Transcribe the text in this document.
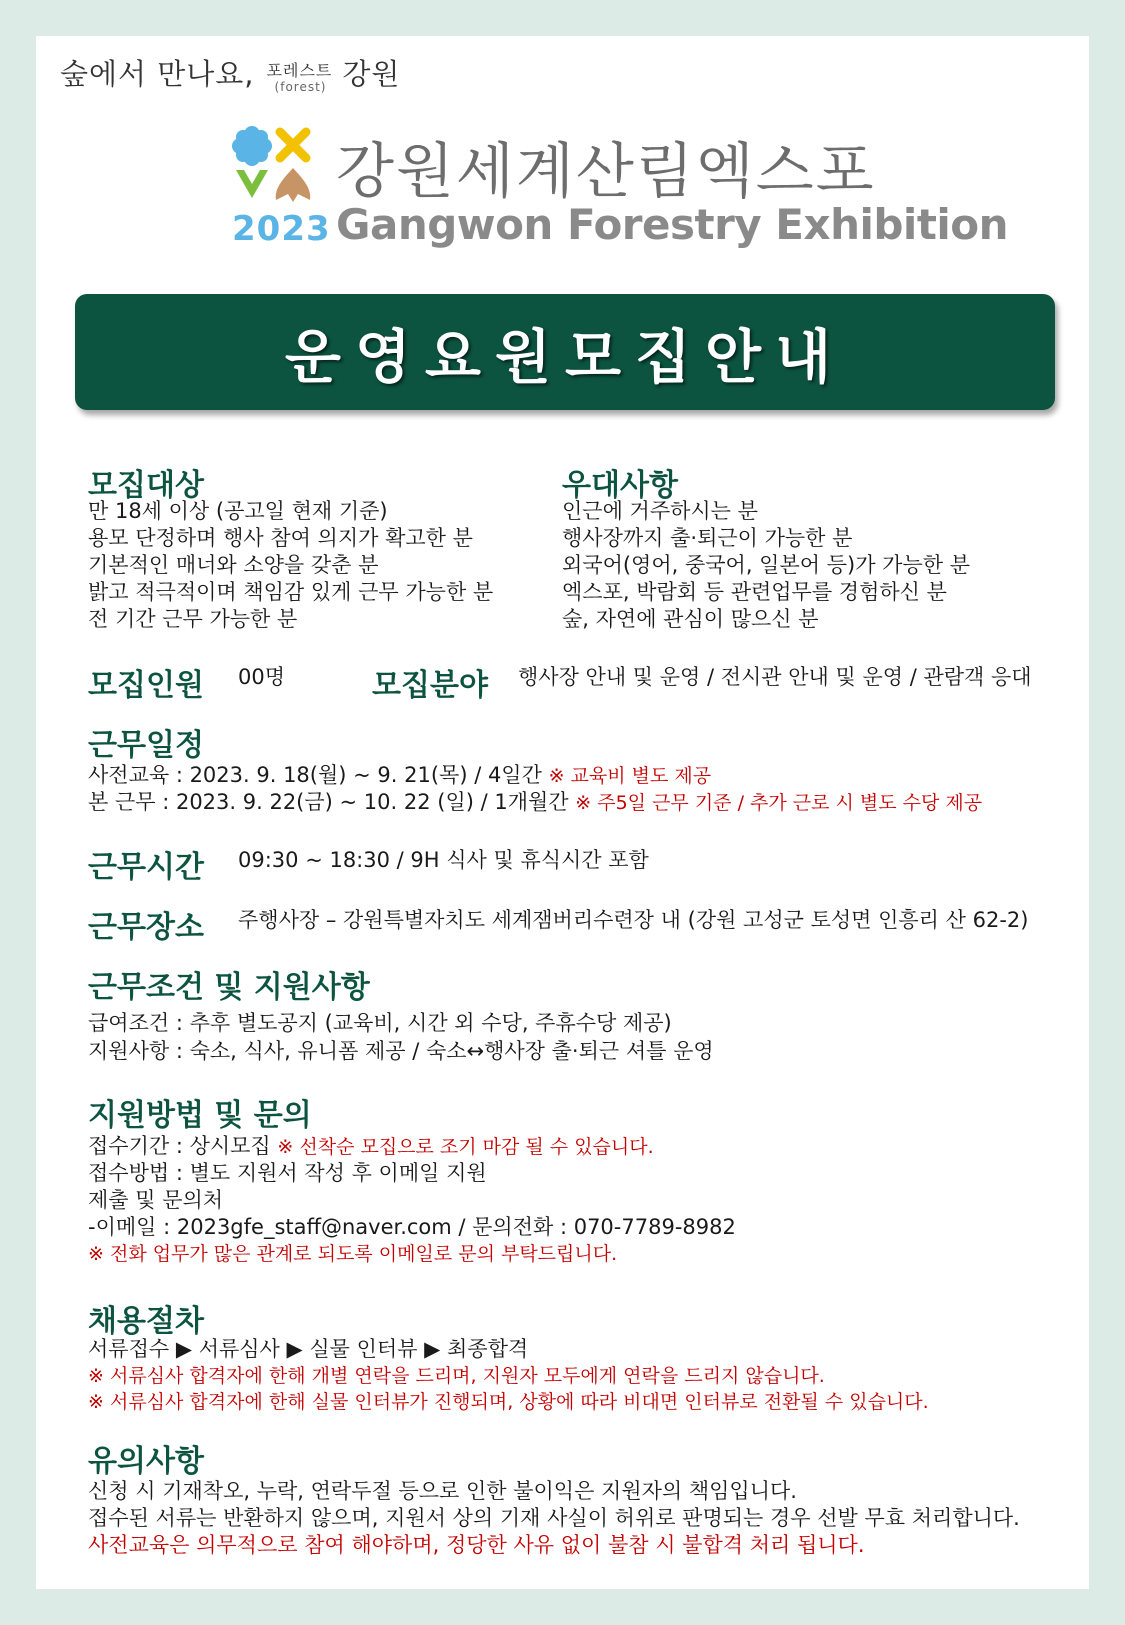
숲에서 만나요, 포레스트
(forest) 강원
2023
강원세계산림엑스포
Gangwon Forestry Exhibition
운영요원모집안내
모집대상
만 18세 이상 (공고일 현재 기준)
용모 단정하며 행사 참여 의지가 확고한 분
기본적인 매너와 소양을 갖춘 분
밝고 적극적이며 책임감 있게 근무 가능한 분
전 기간 근무 가능한 분
우대사항
인근에 거주하시는 분
행사장까지 출·퇴근이 가능한 분
외국어(영어, 중국어, 일본어 등)가 가능한 분
엑스포, 박람회 등 관련업무를 경험하신 분
숲, 자연에 관심이 많으신 분
모집인원 00명	모집분야 행사장 안내 및 운영 / 전시관 안내 및 운영 / 관람객 응대
근무일정
사전교육 : 2023. 9. 18(월) ~ 9. 21(목) / 4일간 ※ 교육비 별도 제공
본 근무 : 2023. 9. 22(금) ~ 10. 22 (일) / 1개월간 ※ 주5일 근무 기준 / 추가 근로 시 별도 수당 제공
근무시간 09:30 ~ 18:30 / 9H 식사 및 휴식시간 포함
근무장소 주행사장 – 강원특별자치도 세계잼버리수련장 내 (강원 고성군 토성면 인흥리 산 62-2)
근무조건 및 지원사항
급여조건 : 추후 별도공지 (교육비, 시간 외 수당, 주휴수당 제공)
지원사항 : 숙소, 식사, 유니폼 제공 / 숙소↔행사장 출·퇴근 셔틀 운영
지원방법 및 문의
접수기간 : 상시모집 ※ 선착순 모집으로 조기 마감 될 수 있습니다.
접수방법 : 별도 지원서 작성 후 이메일 지원
제출 및 문의처
-이메일 : 2023gfe_staff@naver.com / 문의전화 : 070-7789-8982
※ 전화 업무가 많은 관계로 되도록 이메일로 문의 부탁드립니다.
채용절차
서류접수 ▶ 서류심사 ▶ 실물 인터뷰 ▶ 최종합격
※ 서류심사 합격자에 한해 개별 연락을 드리며, 지원자 모두에게 연락을 드리지 않습니다.
※ 서류심사 합격자에 한해 실물 인터뷰가 진행되며, 상황에 따라 비대면 인터뷰로 전환될 수 있습니다.
유의사항
신청 시 기재착오, 누락, 연락두절 등으로 인한 불이익은 지원자의 책임입니다.
접수된 서류는 반환하지 않으며, 지원서 상의 기재 사실이 허위로 판명되는 경우 선발 무효 처리합니다.
사전교육은 의무적으로 참여 해야하며, 정당한 사유 없이 불참 시 불합격 처리 됩니다.
